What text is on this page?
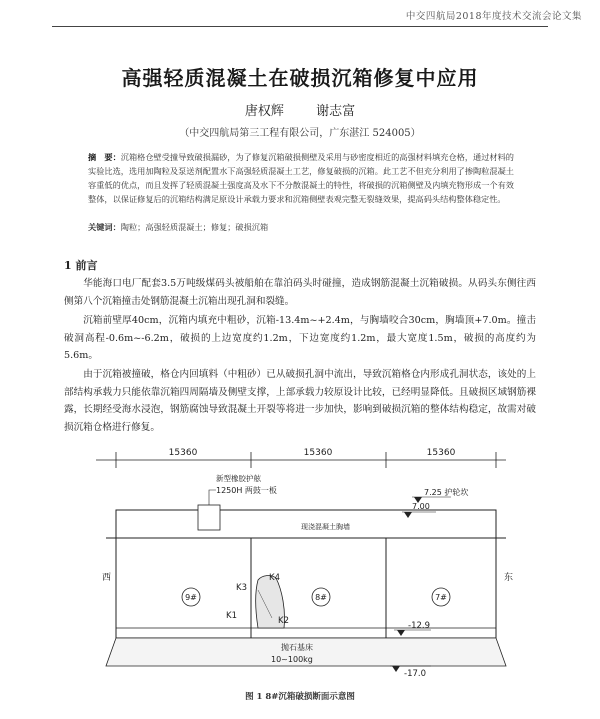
中交四航局2018年度技术交流会论文集
高强轻质混凝土在破损沉箱修复中应用
唐权辉 谢志富
（中交四航局第三工程有限公司，广东湛江 524005）
摘　要：沉箱格仓壁受撞导致破损漏砂，为了修复沉箱破损侧壁及采用与砂密度相近的高强材料填充仓格，通过材料的实验比选，选用加陶粒及泵送剂配置水下高强轻质混凝土工艺，修复破损的沉箱。此工艺不但充分利用了掺陶粒混凝土容重低的优点，而且发挥了轻质混凝土强度高及水下不分散混凝土的特性，将破损的沉箱侧壁及内填充物形成一个有效整体，以保证修复后的沉箱结构满足原设计承载力要求和沉箱侧壁表观完整无裂缝效果，提高码头结构整体稳定性。
关键词：陶粒；高强轻质混凝土；修复；破损沉箱
1 前言
华能海口电厂配套3.5万吨级煤码头被船舶在靠泊码头时碰撞，造成钢筋混凝土沉箱破损。从码头东侧往西侧第八个沉箱撞击处钢筋混凝土沉箱出现孔洞和裂缝。
沉箱前壁厚40cm，沉箱内填充中粗砂，沉箱-13.4m~+2.4m，与胸墙咬合30cm，胸墙顶+7.0m。撞击破洞高程-0.6m~-6.2m，破损的上边宽度约1.2m，下边宽度约1.2m，最大宽度1.5m，破损的高度约为5.6m。
由于沉箱被撞破，格仓内回填料（中粗砂）已从破损孔洞中流出，导致沉箱格仓内形成孔洞状态，该处的上部结构承载力只能依靠沉箱四周隔墙及侧壁支撑，上部承载力较原设计比较，已经明显降低。且破损区域钢筋裸露，长期经受海水浸泡，钢筋腐蚀导致混凝土开裂等将进一步加快，影响到破损沉箱的整体结构稳定，故需对破损沉箱仓格进行修复。
15360	15360	15360
现浇混凝土胸墙
新型橡胶护舷
1250H 两鼓一板	7.25 护轮坎
7.00
西	东
9#	8#	7#
K3
K4
K1	K2	-12.9
抛石基床
10~100kg
-17.0
图 1 8#沉箱破损断面示意图
